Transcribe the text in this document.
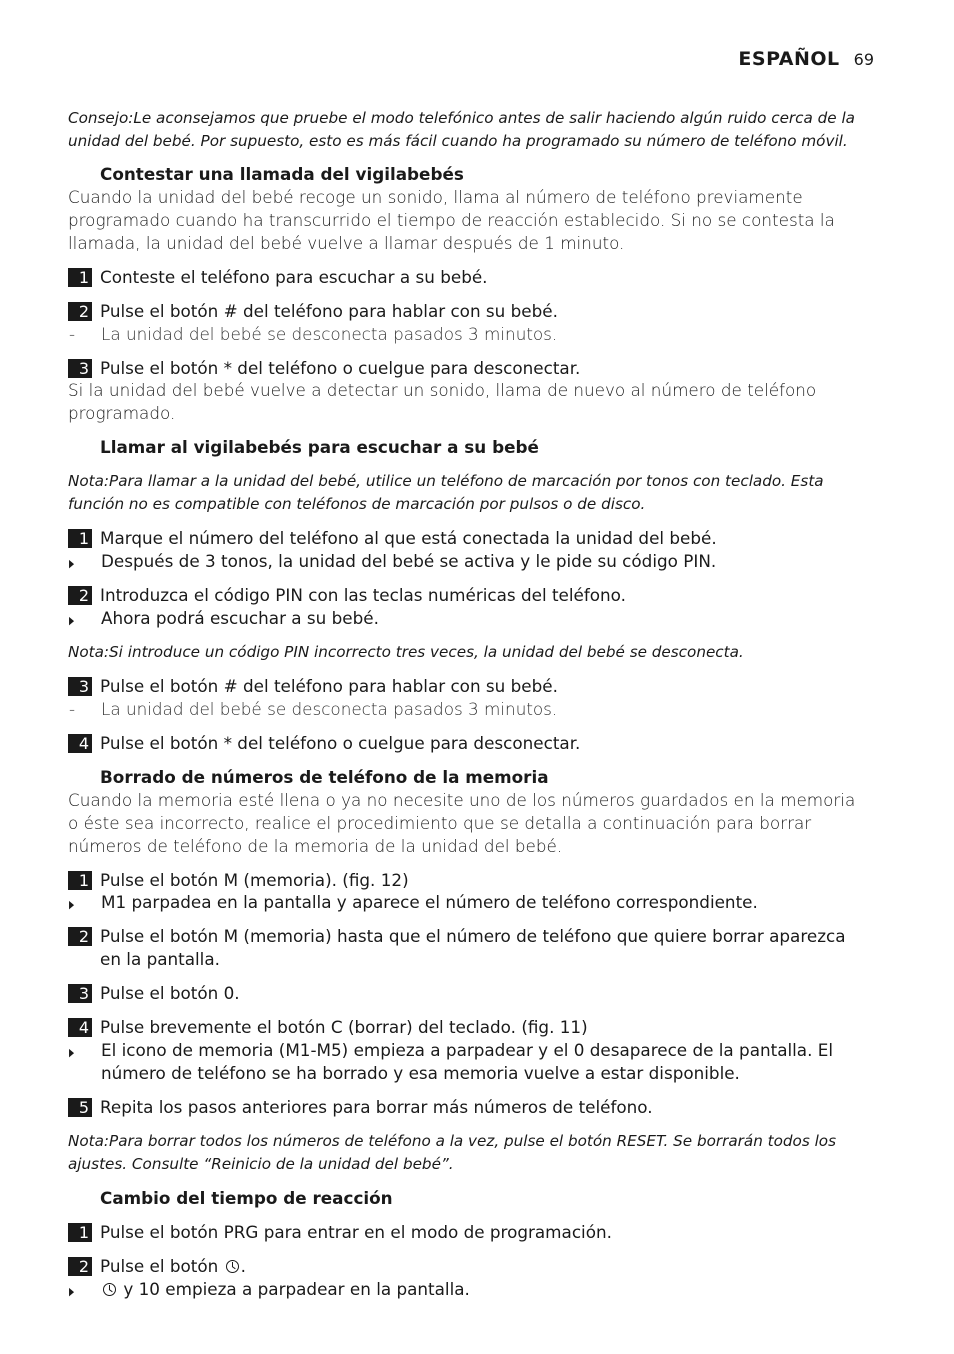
ESPAÑOL 69
Consejo:Le aconsejamos que pruebe el modo telefónico antes de salir haciendo algún ruido cerca de la unidad del bebé. Por supuesto, esto es más fácil cuando ha programado su número de teléfono móvil.
Contestar una llamada del vigilabebés
Cuando la unidad del bebé recoge un sonido, llama al número de teléfono previamente programado cuando ha transcurrido el tiempo de reacción establecido. Si no se contesta la llamada, la unidad del bebé vuelve a llamar después de 1 minuto.
1 Conteste el teléfono para escuchar a su bebé.
2 Pulse el botón # del teléfono para hablar con su bebé.
-	La unidad del bebé se desconecta pasados 3 minutos.
3 Pulse el botón * del teléfono o cuelgue para desconectar.
Si la unidad del bebé vuelve a detectar un sonido, llama de nuevo al número de teléfono programado.
Llamar al vigilabebés para escuchar a su bebé
Nota:Para llamar a la unidad del bebé, utilice un teléfono de marcación por tonos con teclado. Esta función no es compatible con teléfonos de marcación por pulsos o de disco.
1 Marque el número del teléfono al que está conectada la unidad del bebé.
▶	Después de 3 tonos, la unidad del bebé se activa y le pide su código PIN.
2 Introduzca el código PIN con las teclas numéricas del teléfono.
▶	Ahora podrá escuchar a su bebé.
Nota:Si introduce un código PIN incorrecto tres veces, la unidad del bebé se desconecta.
3 Pulse el botón # del teléfono para hablar con su bebé.
-	La unidad del bebé se desconecta pasados 3 minutos.
4 Pulse el botón * del teléfono o cuelgue para desconectar.
Borrado de números de teléfono de la memoria
Cuando la memoria esté llena o ya no necesite uno de los números guardados en la memoria o éste sea incorrecto, realice el procedimiento que se detalla a continuación para borrar números de teléfono de la memoria de la unidad del bebé.
1 Pulse el botón M (memoria). (fig. 12)
▶	M1 parpadea en la pantalla y aparece el número de teléfono correspondiente.
2 Pulse el botón M (memoria) hasta que el número de teléfono que quiere borrar aparezca en la pantalla.
3 Pulse el botón 0.
4 Pulse brevemente el botón C (borrar) del teclado. (fig. 11)
▶	El icono de memoria (M1-M5) empieza a parpadear y el 0 desaparece de la pantalla. El número de teléfono se ha borrado y esa memoria vuelve a estar disponible.
5 Repita los pasos anteriores para borrar más números de teléfono.
Nota:Para borrar todos los números de teléfono a la vez, pulse el botón RESET. Se borrarán todos los ajustes. Consulte “Reinicio de la unidad del bebé”.
Cambio del tiempo de reacción
1 Pulse el botón PRG para entrar en el modo de programación.
2 Pulse el botón .
▶	y 10 empieza a parpadear en la pantalla.
